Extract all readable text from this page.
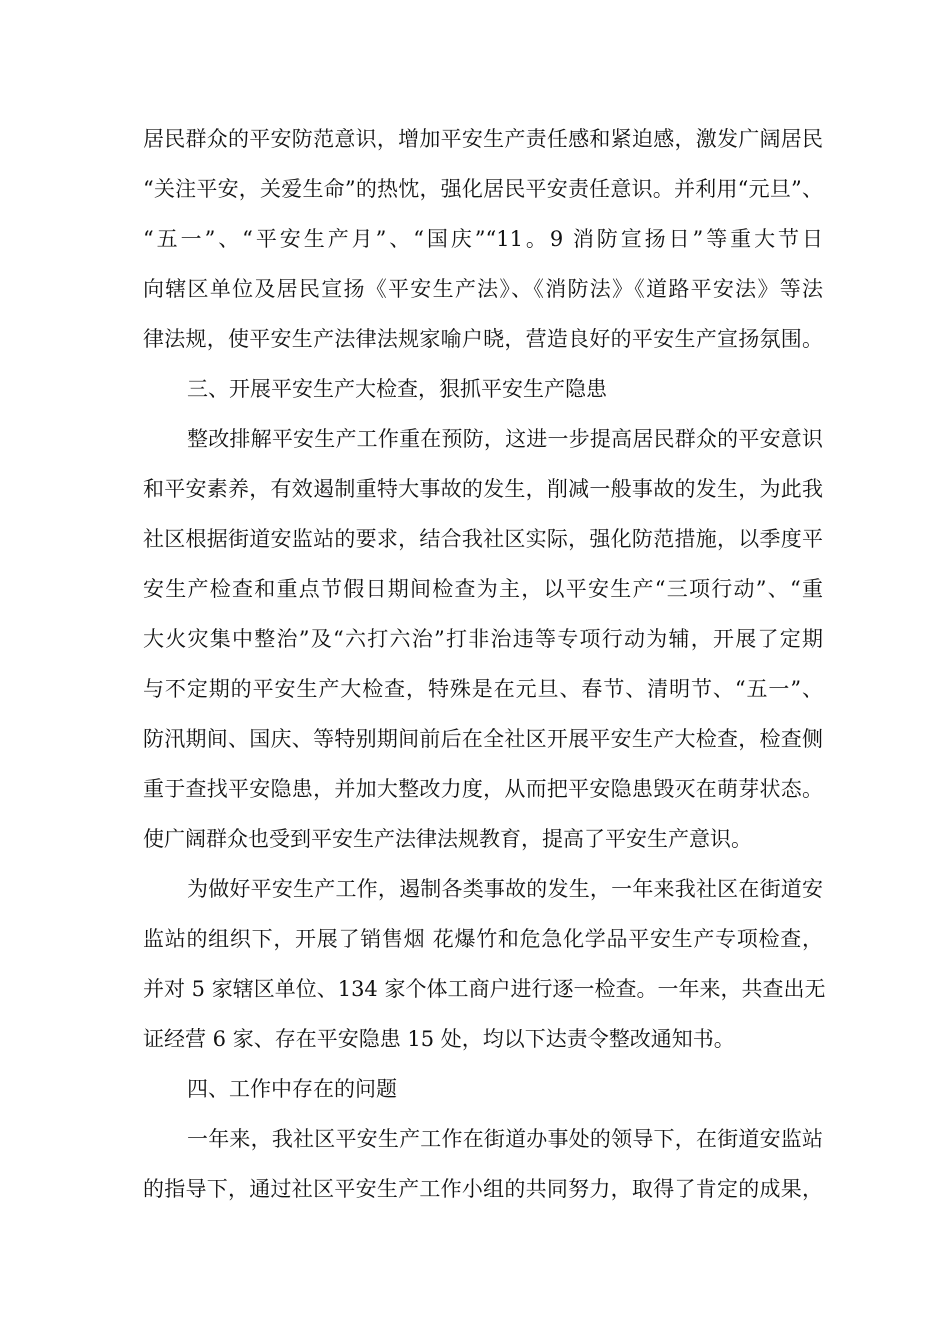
居民群众的平安防范意识，增加平安生产责任感和紧迫感，激发广阔居民
“关注平安，关爱生命”的热忱，强化居民平安责任意识。并利用“元旦”、
“五一”、“平安生产月”、“国庆”“11。9 消防宣扬日”等重大节日
向辖区单位及居民宣扬《平安生产法》、《消防法》《道路平安法》等法
律法规，使平安生产法律法规家喻户晓，营造良好的平安生产宣扬氛围。
三、开展平安生产大检查，狠抓平安生产隐患
整改排解平安生产工作重在预防，这进一步提高居民群众的平安意识
和平安素养，有效遏制重特大事故的发生，削减一般事故的发生，为此我
社区根据街道安监站的要求，结合我社区实际，强化防范措施，以季度平
安生产检查和重点节假日期间检查为主，以平安生产“三项行动”、“重
大火灾集中整治”及“六打六治”打非治违等专项行动为辅，开展了定期
与不定期的平安生产大检查，特殊是在元旦、春节、清明节、“五一”、
防汛期间、国庆、等特别期间前后在全社区开展平安生产大检查，检查侧
重于查找平安隐患，并加大整改力度，从而把平安隐患毁灭在萌芽状态。
使广阔群众也受到平安生产法律法规教育，提高了平安生产意识。
为做好平安生产工作，遏制各类事故的发生，一年来我社区在街道安
监站的组织下，开展了销售烟 花爆竹和危急化学品平安生产专项检查，
并对 5 家辖区单位、134 家个体工商户进行逐一检查。一年来，共查出无
证经营 6 家、存在平安隐患 15 处，均以下达责令整改通知书。
四、工作中存在的问题
一年来，我社区平安生产工作在街道办事处的领导下，在街道安监站
的指导下，通过社区平安生产工作小组的共同努力，取得了肯定的成果，
